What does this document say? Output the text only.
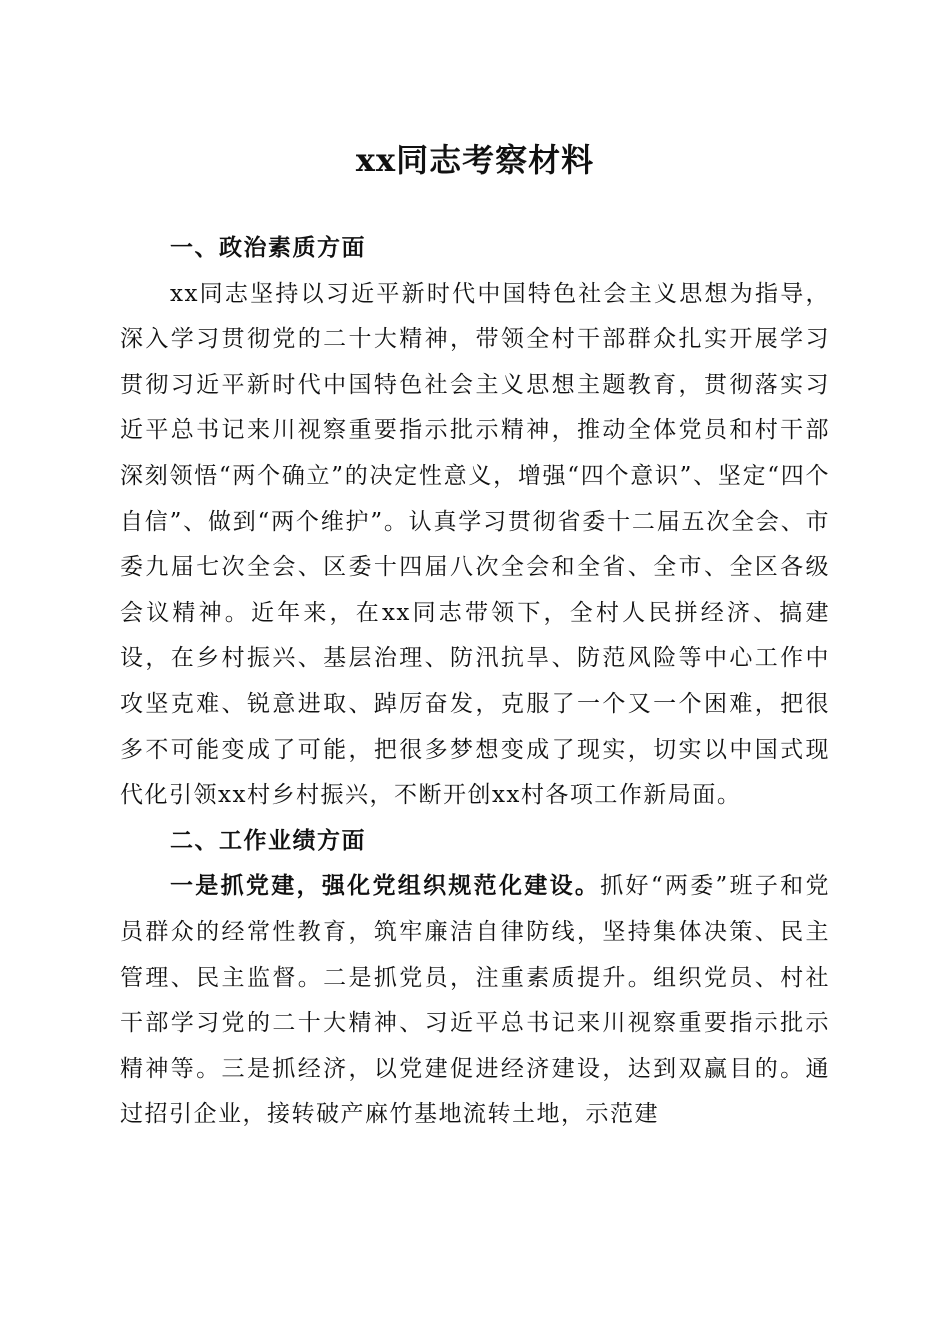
xx同志考察材料

一、政治素质方面

xx同志坚持以习近平新时代中国特色社会主义思想为指导，深入学习贯彻党的二十大精神，带领全村干部群众扎实开展学习贯彻习近平新时代中国特色社会主义思想主题教育，贯彻落实习近平总书记来川视察重要指示批示精神，推动全体党员和村干部深刻领悟“两个确立”的决定性意义，增强“四个意识”、坚定“四个自信”、做到“两个维护”。认真学习贯彻省委十二届五次全会、市委九届七次全会、区委十四届八次全会和全省、全市、全区各级会议精神。近年来，在xx同志带领下，全村人民拼经济、搞建设，在乡村振兴、基层治理、防汛抗旱、防范风险等中心工作中攻坚克难、锐意进取、踔厉奋发，克服了一个又一个困难，把很多不可能变成了可能，把很多梦想变成了现实，切实以中国式现代化引领xx村乡村振兴，不断开创xx村各项工作新局面。

二、工作业绩方面

一是抓党建，强化党组织规范化建设。抓好“两委”班子和党员群众的经常性教育，筑牢廉洁自律防线，坚持集体决策、民主管理、民主监督。二是抓党员，注重素质提升。组织党员、村社干部学习党的二十大精神、习近平总书记来川视察重要指示批示精神等。三是抓经济，以党建促进经济建设，达到双赢目的。通过招引企业，接转破产麻竹基地流转土地，示范建
